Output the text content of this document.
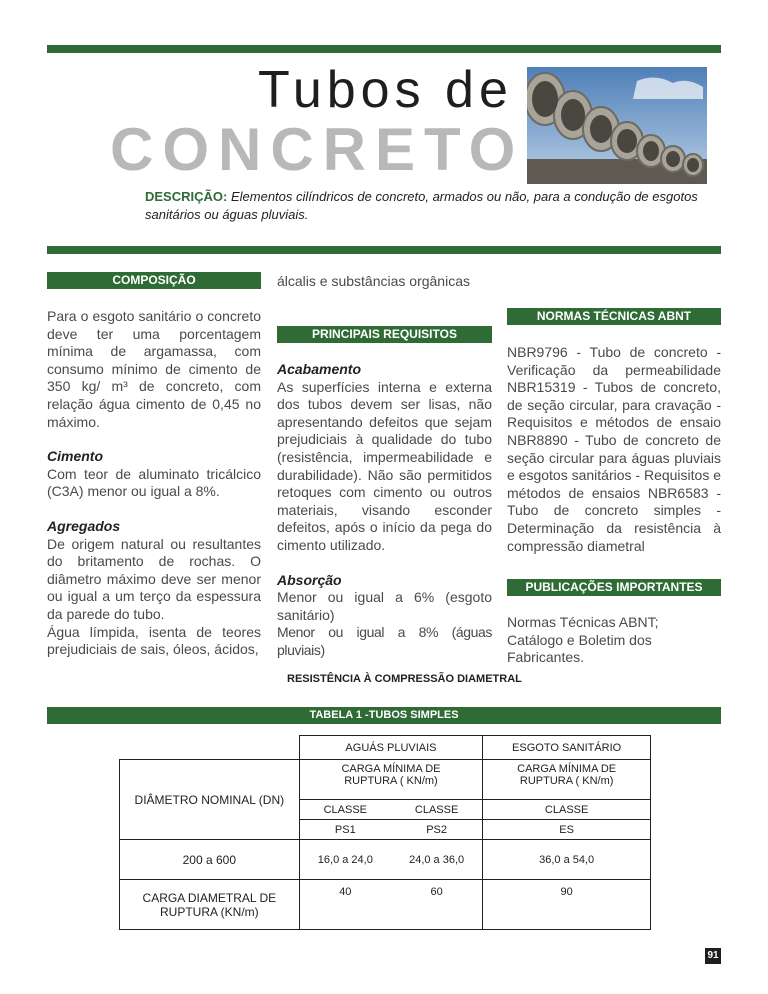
Tubos de
CONCRETO
DESCRIÇÃO: Elementos cilíndricos de concreto, armados ou não, para a condução de esgotos sanitários ou águas pluviais.
COMPOSIÇÃO

Para o esgoto sanitário o concreto deve ter uma porcentagem mínima de argamassa, com consumo mínimo de cimento de 350 kg/ m³ de concreto, com relação água cimento de 0,45 no máximo.

Cimento

Com teor de aluminato tricálcico (C3A) menor ou igual a 8%.

Agregados

De origem natural ou resultantes do britamento de rochas. O diâmetro máximo deve ser menor ou igual a um terço da espessura da parede do tubo.

Água límpida, isenta de teores prejudiciais de sais, óleos, ácidos,

álcalis e substâncias orgânicas
PRINCIPAIS REQUISITOS
Acabamento

As superfícies interna e externa dos tubos devem ser lisas, não apresentando defeitos que sejam prejudiciais à qualidade do tubo (resistência, impermeabilidade e durabilidade). Não são permitidos retoques com cimento ou outros materiais, visando esconder defeitos, após o início da pega do cimento utilizado.

Absorção

Menor ou igual a 6% (esgoto sanitário)

Menor ou igual a 8% (águas pluviais)

NORMAS TÉCNICAS ABNT
NBR9796 - Tubo de concreto - Verificação da permeabilidade NBR15319 - Tubos de concreto, de seção circular, para cravação - Requisitos e métodos de ensaio NBR8890 - Tubo de concreto de seção circular para águas pluviais e esgotos sanitários - Requisitos e métodos de ensaios NBR6583 - Tubo de concreto simples - Determinação da resistência à compressão diametral
PUBLICAÇÕES IMPORTANTES

Normas Técnicas ABNT;

Catálogo e Boletim dos Fabricantes.

RESISTÊNCIA À COMPRESSÃO DIAMETRAL
TABELA 1 -TUBOS SIMPLES
	AGUÁS PLUVIAIS		ESGOTO SANITÁRIO
DIÂMETRO NOMINAL (DN)	CARGA MÍNIMA DE RUPTURA ( KN/m)		CARGA MÍNIMA DE RUPTURA ( KN/m)
	CLASSE	CLASSE	CLASSE
	PS1	PS2	ES
200 a 600	16,0 a 24,0	24,0 a 36,0	36,0 a 54,0
CARGA DIAMETRAL DE RUPTURA (KN/m)	40	60	90
91
